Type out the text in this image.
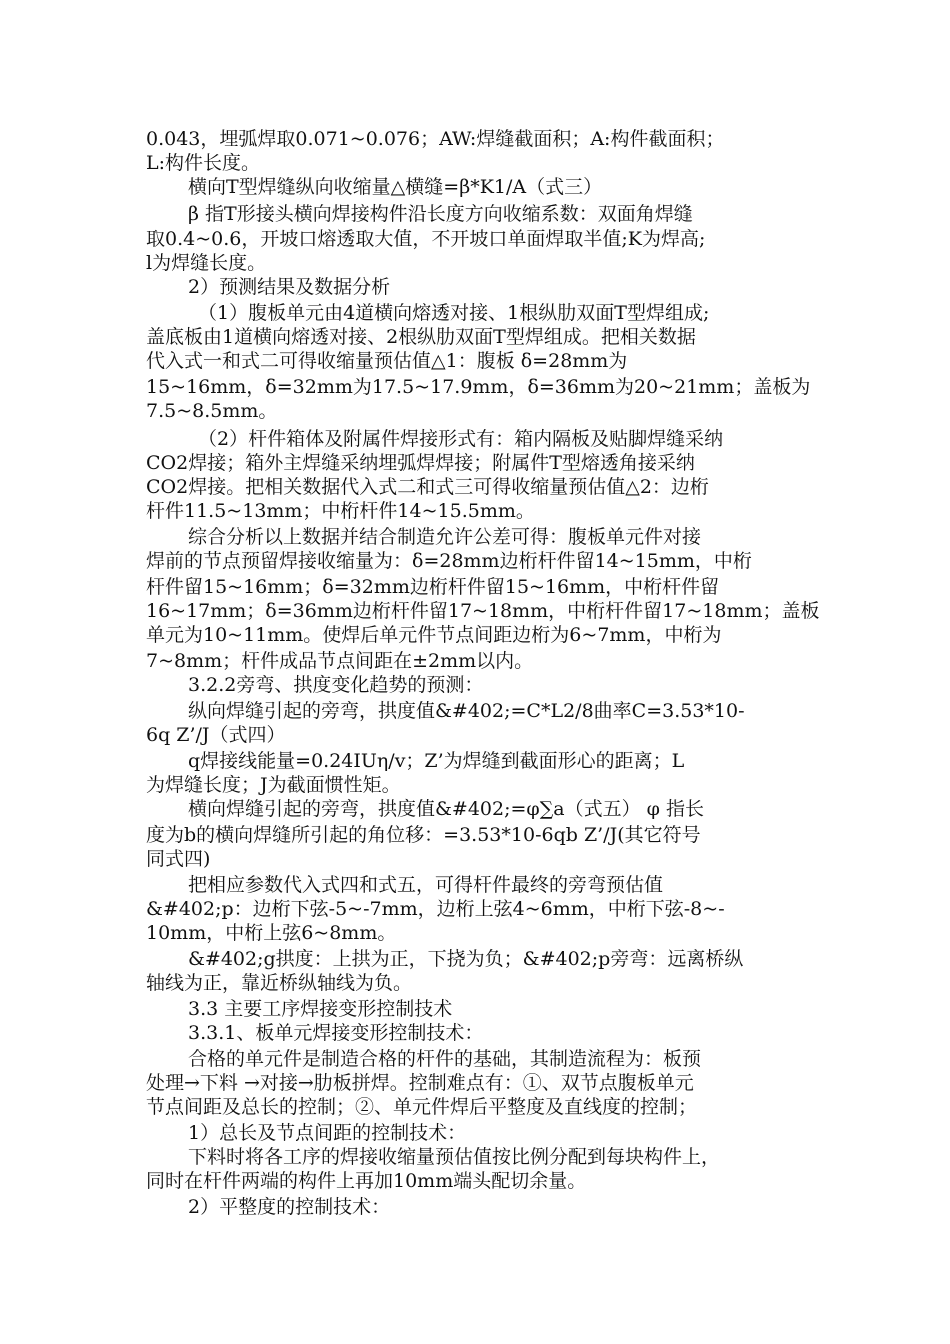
0.043，埋弧焊取0.071~0.076；AW:焊缝截面积；A:构件截面积；
L:构件长度。
横向T型焊缝纵向收缩量△横缝=β*K1/A（式三）
β 指T形接头横向焊接构件沿长度方向收缩系数：双面角焊缝
取0.4~0.6，开坡口熔透取大值，不开坡口单面焊取半值;K为焊高;
l为焊缝长度。
2）预测结果及数据分析
（1）腹板单元由4道横向熔透对接、1根纵肋双面T型焊组成;
盖底板由1道横向熔透对接、2根纵肋双面T型焊组成。把相关数据
代入式一和式二可得收缩量预估值△1：腹板 δ=28mm为
15~16mm，δ=32mm为17.5~17.9mm，δ=36mm为20~21mm；盖板为
7.5~8.5mm。
（2）杆件箱体及附属件焊接形式有：箱内隔板及贴脚焊缝采纳
CO2焊接；箱外主焊缝采纳埋弧焊焊接；附属件T型熔透角接采纳
CO2焊接。把相关数据代入式二和式三可得收缩量预估值△2：边桁
杆件11.5~13mm；中桁杆件14~15.5mm。
综合分析以上数据并结合制造允许公差可得：腹板单元件对接
焊前的节点预留焊接收缩量为：δ=28mm边桁杆件留14~15mm，中桁
杆件留15~16mm；δ=32mm边桁杆件留15~16mm，中桁杆件留
16~17mm；δ=36mm边桁杆件留17~18mm，中桁杆件留17~18mm；盖板
单元为10~11mm。使焊后单元件节点间距边桁为6~7mm，中桁为
7~8mm；杆件成品节点间距在±2mm以内。
3.2.2旁弯、拱度变化趋势的预测：
纵向焊缝引起的旁弯，拱度值&#402;=C*L2/8曲率C=3.53*10-
6q Z’/J（式四）
q焊接线能量=0.24IUη/v；Z’为焊缝到截面形心的距离；L
为焊缝长度；J为截面惯性矩。
横向焊缝引起的旁弯，拱度值&#402;=φ∑a（式五） φ 指长
度为b的横向焊缝所引起的角位移：=3.53*10-6qb Z’/J(其它符号
同式四)
把相应参数代入式四和式五，可得杆件最终的旁弯预估值
&#402;p：边桁下弦-5~-7mm，边桁上弦4~6mm，中桁下弦-8~-
10mm，中桁上弦6~8mm。
&#402;g拱度：上拱为正，下挠为负；&#402;p旁弯：远离桥纵
轴线为正，靠近桥纵轴线为负。
3.3 主要工序焊接变形控制技术
3.3.1、板单元焊接变形控制技术：
合格的单元件是制造合格的杆件的基础，其制造流程为：板预
处理→下料 →对接→肋板拼焊。控制难点有：①、双节点腹板单元
节点间距及总长的控制；②、单元件焊后平整度及直线度的控制；
1）总长及节点间距的控制技术：
下料时将各工序的焊接收缩量预估值按比例分配到每块构件上，
同时在杆件两端的构件上再加10mm端头配切余量。
2）平整度的控制技术：
